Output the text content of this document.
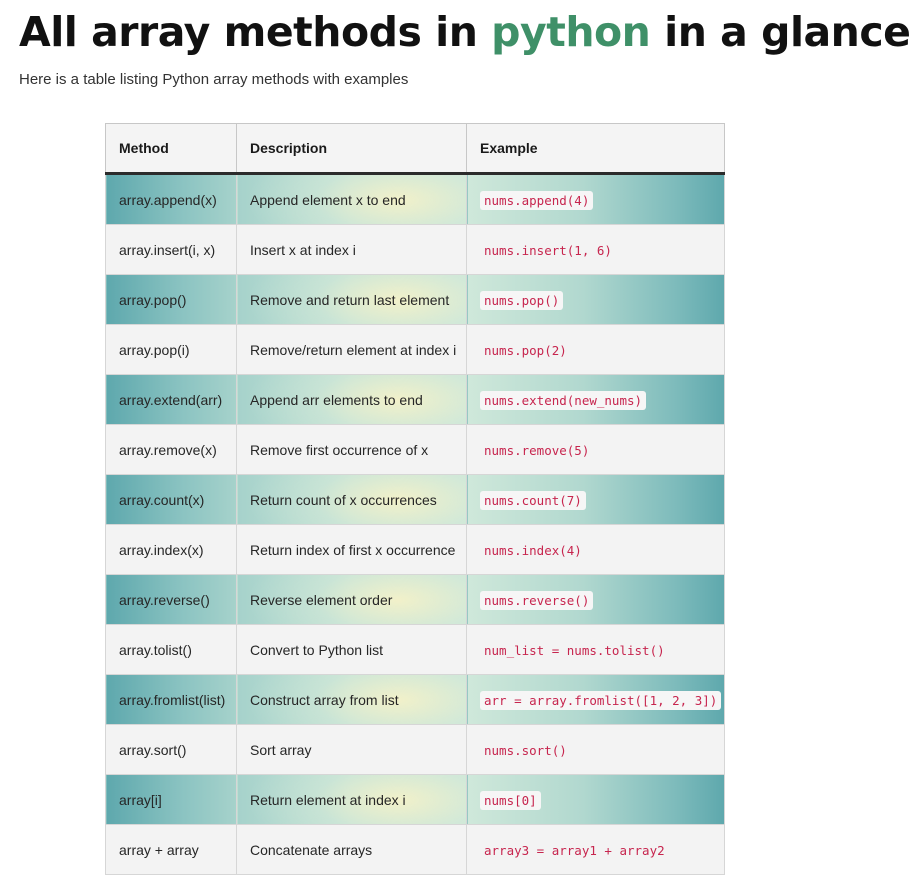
All array methods in python in a glance

Here is a table listing Python array methods with examples

Method	Description	Example
array.append(x)	Append element x to end	nums.append(4)
array.insert(i, x)	Insert x at index i	nums.insert(1, 6)
array.pop()	Remove and return last element	nums.pop()
array.pop(i)	Remove/return element at index i	nums.pop(2)
array.extend(arr)	Append arr elements to end	nums.extend(new_nums)
array.remove(x)	Remove first occurrence of x	nums.remove(5)
array.count(x)	Return count of x occurrences	nums.count(7)
array.index(x)	Return index of first x occurrence	nums.index(4)
array.reverse()	Reverse element order	nums.reverse()
array.tolist()	Convert to Python list	num_list = nums.tolist()
array.fromlist(list)	Construct array from list	arr = array.fromlist([1, 2, 3])
array.sort()	Sort array	nums.sort()
array[i]	Return element at index i	nums[0]
array + array	Concatenate arrays	array3 = array1 + array2
